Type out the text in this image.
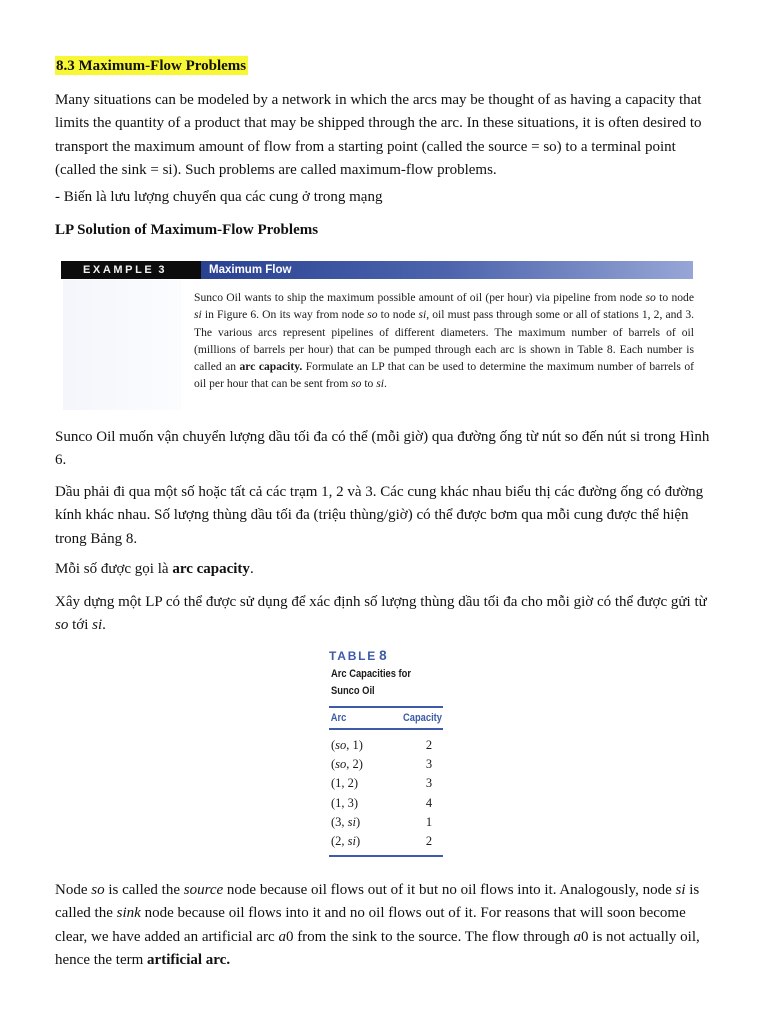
8.3 Maximum-Flow Problems

Many situations can be modeled by a network in which the arcs may be thought of as having a capacity that limits the quantity of a product that may be shipped through the arc. In these situations, it is often desired to transport the maximum amount of flow from a starting point (called the source = so) to a terminal point (called the sink = si). Such problems are called maximum-flow problems.

- Biến là lưu lượng chuyển qua các cung ở trong mạng

LP Solution of Maximum-Flow Problems
EXAMPLE 3	Maximum Flow

Sunco Oil wants to ship the maximum possible amount of oil (per hour) via pipeline from node so to node si in Figure 6. On its way from node so to node si, oil must pass through some or all of stations 1, 2, and 3. The various arcs represent pipelines of different diameters. The maximum number of barrels of oil (millions of barrels per hour) that can be pumped through each arc is shown in Table 8. Each number is called an arc capacity. Formulate an LP that can be used to determine the maximum number of barrels of oil per hour that can be sent from so to si.

Sunco Oil muốn vận chuyển lượng dầu tối đa có thể (mỗi giờ) qua đường ống từ nút so đến nút si trong Hình 6.

Dầu phải đi qua một số hoặc tất cả các trạm 1, 2 và 3. Các cung khác nhau biểu thị các đường ống có đường kính khác nhau. Số lượng thùng dầu tối đa (triệu thùng/giờ) có thể được bơm qua mỗi cung được thể hiện trong Bảng 8.

Mỗi số được gọi là arc capacity.

Xây dựng một LP có thể được sử dụng để xác định số lượng thùng dầu tối đa cho mỗi giờ có thể được gửi từ so tới si.

TABLE 8

Arc Capacities for Sunco Oil
Arc	Capacity
(so, 1)	2
(so, 2)	3
(1, 2)	3
(1, 3)	4
(3, si)	1
(2, si)	2

Node so is called the source node because oil flows out of it but no oil flows into it. Analogously, node si is called the sink node because oil flows into it and no oil flows out of it. For reasons that will soon become clear, we have added an artificial arc a0 from the sink to the source. The flow through a0 is not actually oil, hence the term artificial arc.
